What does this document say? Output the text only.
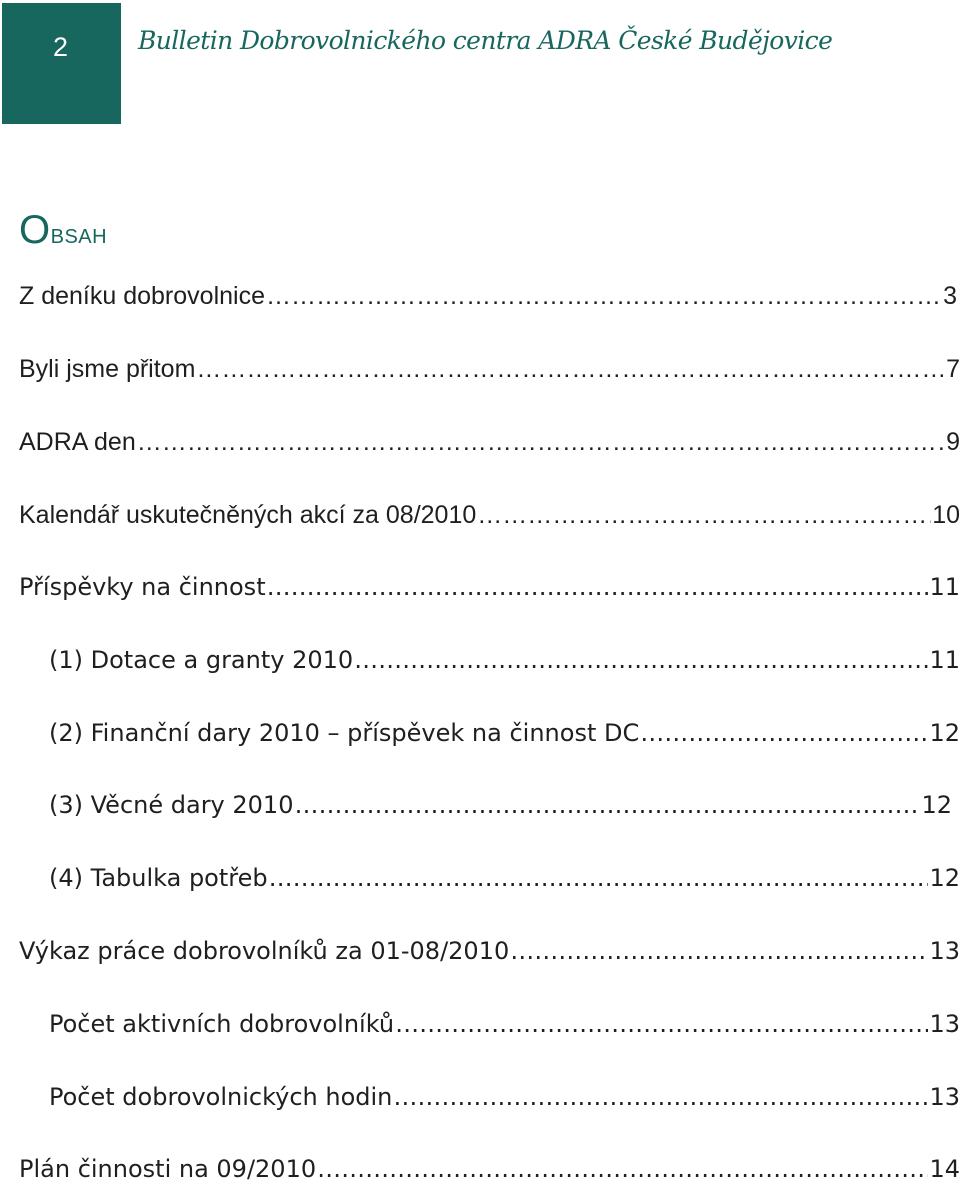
2	Bulletin Dobrovolnického centra ADRA České Budějovice
Obsah
Z deníku dobrovolnice ……………………………………………………………………………………………………………………………………………………………………	3
Byli jsme přitom ……………………………………………………………………………………………………………………………………………………………………	7
ADRA den ……………………………………………………………………………………………………………………………………………………………………	9
Kalendář uskutečněných akcí za 08/2010 ……………………………………………………………………………………………………………………………………………………………………	10
Příspěvky na činnost ……………………………………………………………………………………………………………………………………………………………………	11
(1) Dotace a granty 2010 ……………………………………………………………………………………………………………………………………………………………………	11
(2) Finanční dary 2010 – příspěvek na činnost DC ……………………………………………………………………………………………………………………………………………………………………	12
(3) Věcné dary 2010 ……………………………………………………………………………………………………………………………………………………………………	12
(4) Tabulka potřeb ……………………………………………………………………………………………………………………………………………………………………	12
Výkaz práce dobrovolníků za 01-08/2010 ……………………………………………………………………………………………………………………………………………………………………	13
Počet aktivních dobrovolníků ……………………………………………………………………………………………………………………………………………………………………	13
Počet dobrovolnických hodin ……………………………………………………………………………………………………………………………………………………………………	13
Plán činnosti na 09/2010 ……………………………………………………………………………………………………………………………………………………………………	14
